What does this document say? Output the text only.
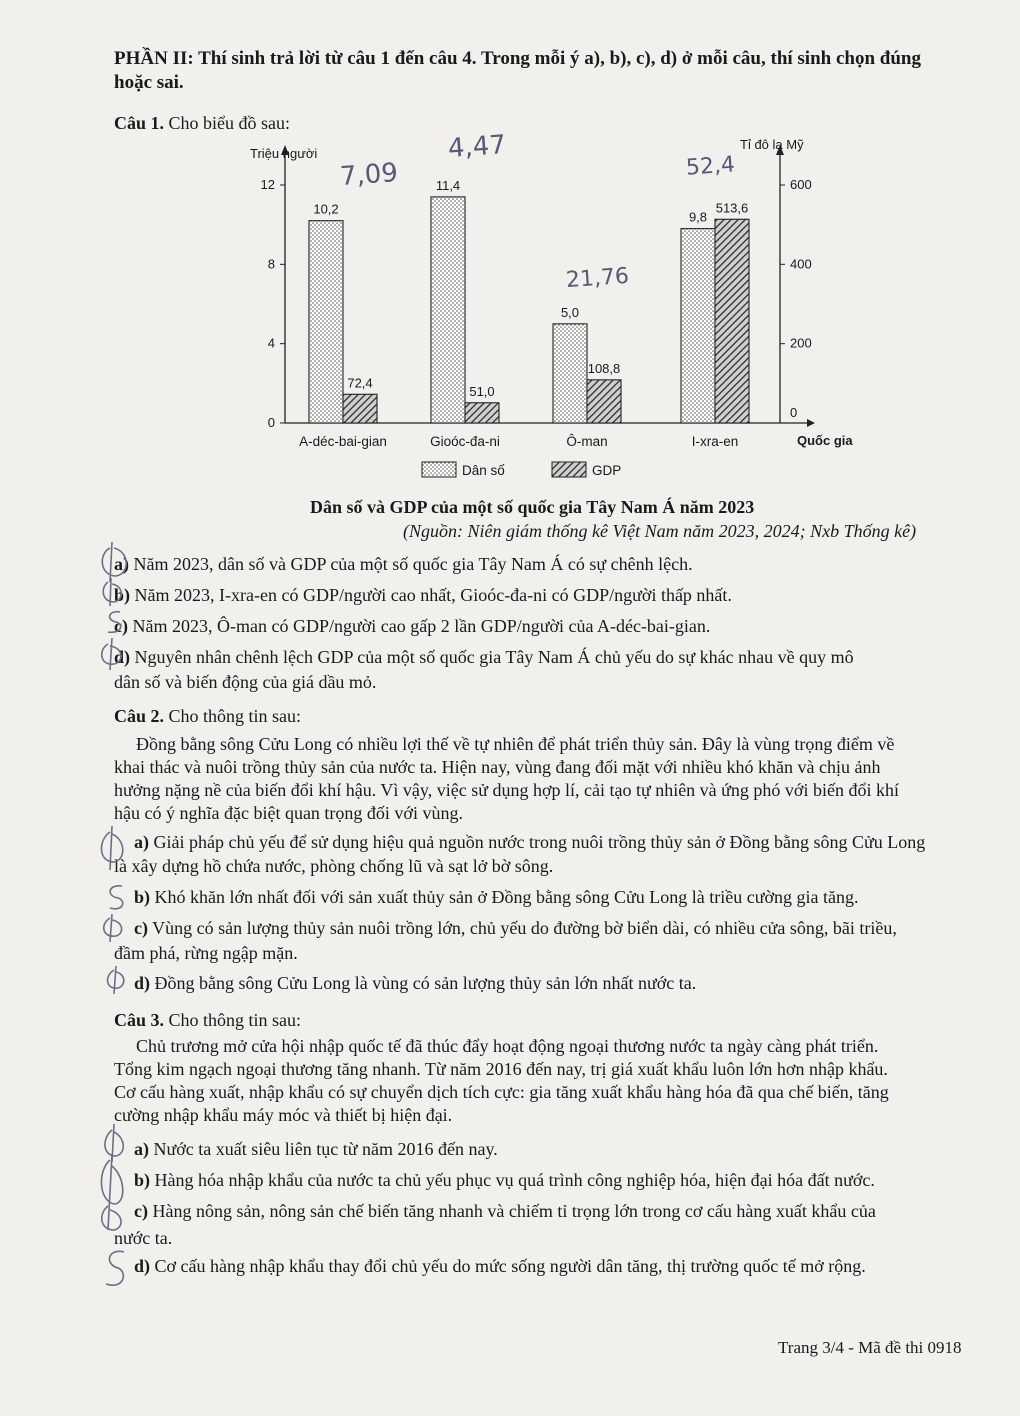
PHẦN II: Thí sinh trả lời từ câu 1 đến câu 4. Trong mỗi ý a), b), c), d) ở mỗi câu, thí sinh chọn đúng
hoặc sai.
Câu 1. Cho biểu đồ sau:
Triệu người
Tỉ đô la Mỹ
Quốc gia
0
4
8
12
0
200
400
600
10,2
72,4
A-déc-bai-gian
11,4
51,0
Gioóc-đa-ni
5,0
108,8
Ô-man
9,8
513,6
I-xra-en
Dân số	GDP
Dân số và GDP của một số quốc gia Tây Nam Á năm 2023
(Nguồn: Niên giám thống kê Việt Nam năm 2023, 2024; Nxb Thống kê)
a) Năm 2023, dân số và GDP của một số quốc gia Tây Nam Á có sự chênh lệch.
b) Năm 2023, I-xra-en có GDP/người cao nhất, Gioóc-đa-ni có GDP/người thấp nhất.
c) Năm 2023, Ô-man có GDP/người cao gấp 2 lần GDP/người của A-déc-bai-gian.
d) Nguyên nhân chênh lệch GDP của một số quốc gia Tây Nam Á chủ yếu do sự khác nhau về quy mô
dân số và biến động của giá dầu mỏ.
Câu 2. Cho thông tin sau:
Đồng bằng sông Cửu Long có nhiều lợi thế về tự nhiên để phát triển thủy sản. Đây là vùng trọng điểm về
khai thác và nuôi trồng thủy sản của nước ta. Hiện nay, vùng đang đối mặt với nhiều khó khăn và chịu ảnh
hưởng nặng nề của biến đổi khí hậu. Vì vậy, việc sử dụng hợp lí, cải tạo tự nhiên và ứng phó với biến đổi khí
hậu có ý nghĩa đặc biệt quan trọng đối với vùng.
a) Giải pháp chủ yếu để sử dụng hiệu quả nguồn nước trong nuôi trồng thủy sản ở Đồng bằng sông Cửu Long
là xây dựng hồ chứa nước, phòng chống lũ và sạt lở bờ sông.
b) Khó khăn lớn nhất đối với sản xuất thủy sản ở Đồng bằng sông Cửu Long là triều cường gia tăng.
c) Vùng có sản lượng thủy sản nuôi trồng lớn, chủ yếu do đường bờ biển dài, có nhiều cửa sông, bãi triều,
đầm phá, rừng ngập mặn.
d) Đồng bằng sông Cửu Long là vùng có sản lượng thủy sản lớn nhất nước ta.
Câu 3. Cho thông tin sau:
Chủ trương mở cửa hội nhập quốc tế đã thúc đẩy hoạt động ngoại thương nước ta ngày càng phát triển.
Tổng kim ngạch ngoại thương tăng nhanh. Từ năm 2016 đến nay, trị giá xuất khẩu luôn lớn hơn nhập khẩu.
Cơ cấu hàng xuất, nhập khẩu có sự chuyển dịch tích cực: gia tăng xuất khẩu hàng hóa đã qua chế biến, tăng
cường nhập khẩu máy móc và thiết bị hiện đại.
a) Nước ta xuất siêu liên tục từ năm 2016 đến nay.
b) Hàng hóa nhập khẩu của nước ta chủ yếu phục vụ quá trình công nghiệp hóa, hiện đại hóa đất nước.
c) Hàng nông sản, nông sản chế biến tăng nhanh và chiếm tỉ trọng lớn trong cơ cấu hàng xuất khẩu của
nước ta.
d) Cơ cấu hàng nhập khẩu thay đổi chủ yếu do mức sống người dân tăng, thị trường quốc tế mở rộng.
Trang 3/4 - Mã đề thi 0918
7,09
4,47
21,76
52,4
